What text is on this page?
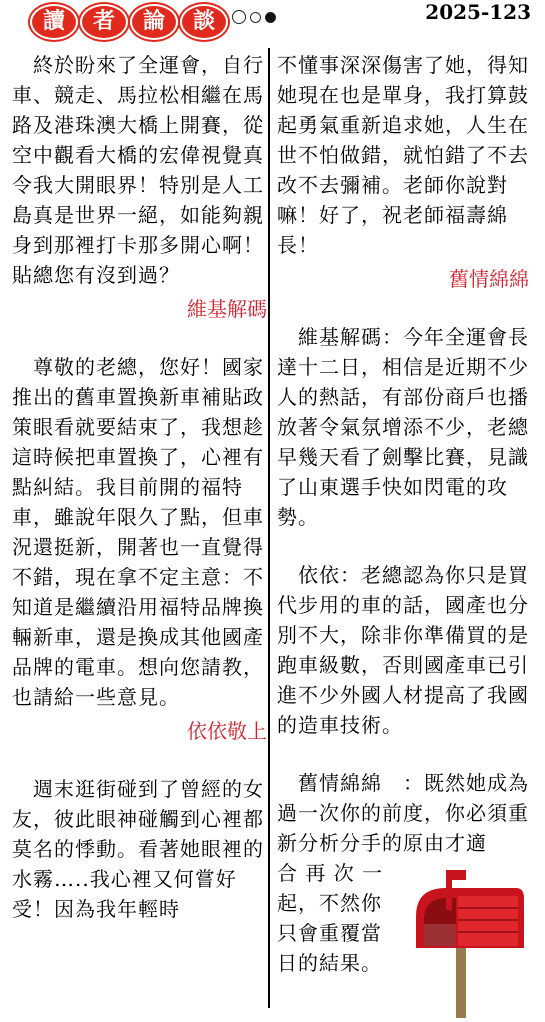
讀	者	論	談	2025-123

　終於盼來了全運會，自行車、競走、馬拉松相繼在馬路及港珠澳大橋上開賽，從空中觀看大橋的宏偉視覺真令我大開眼界！特別是人工島真是世界一絕，如能夠親身到那裡打卡那多開心啊！貼總您有沒到過？

維基解碼

　尊敬的老總，您好！國家推出的舊車置換新車補貼政策眼看就要結束了，我想趁這時候把車置換了，心裡有點糾結。我目前開的福特車，雖說年限久了點，但車況還挺新，開著也一直覺得不錯，現在拿不定主意：不知道是繼續沿用福特品牌換輛新車，還是換成其他國產品牌的電車。想向您請教，也請給一些意見。

依依敬上

　週末逛街碰到了曾經的女友，彼此眼神碰觸到心裡都莫名的悸動。看著她眼裡的水霧…..我心裡又何嘗好受！因為我年輕時

不懂事深深傷害了她，得知她現在也是單身，我打算鼓起勇氣重新追求她，人生在世不怕做錯，就怕錯了不去改不去彌補。老師你說對嘛！好了，祝老師福壽綿長！

舊情綿綿

　維基解碼：今年全運會長達十二日，相信是近期不少人的熱話，有部份商戶也播放著令氣氛增添不少，老總早幾天看了劍擊比賽，見識了山東選手快如閃電的攻勢。

　依依：老總認為你只是買代步用的車的話，國產也分別不大，除非你準備買的是跑車級數，否則國產車已引進不少外國人材提高了我國的造車技術。

　舊情綿綿　：既然她成為過一次你的前度，你必須重新分析分手的原由才適

合 再 次 一
起，不然你
只會重覆當
日的結果。
